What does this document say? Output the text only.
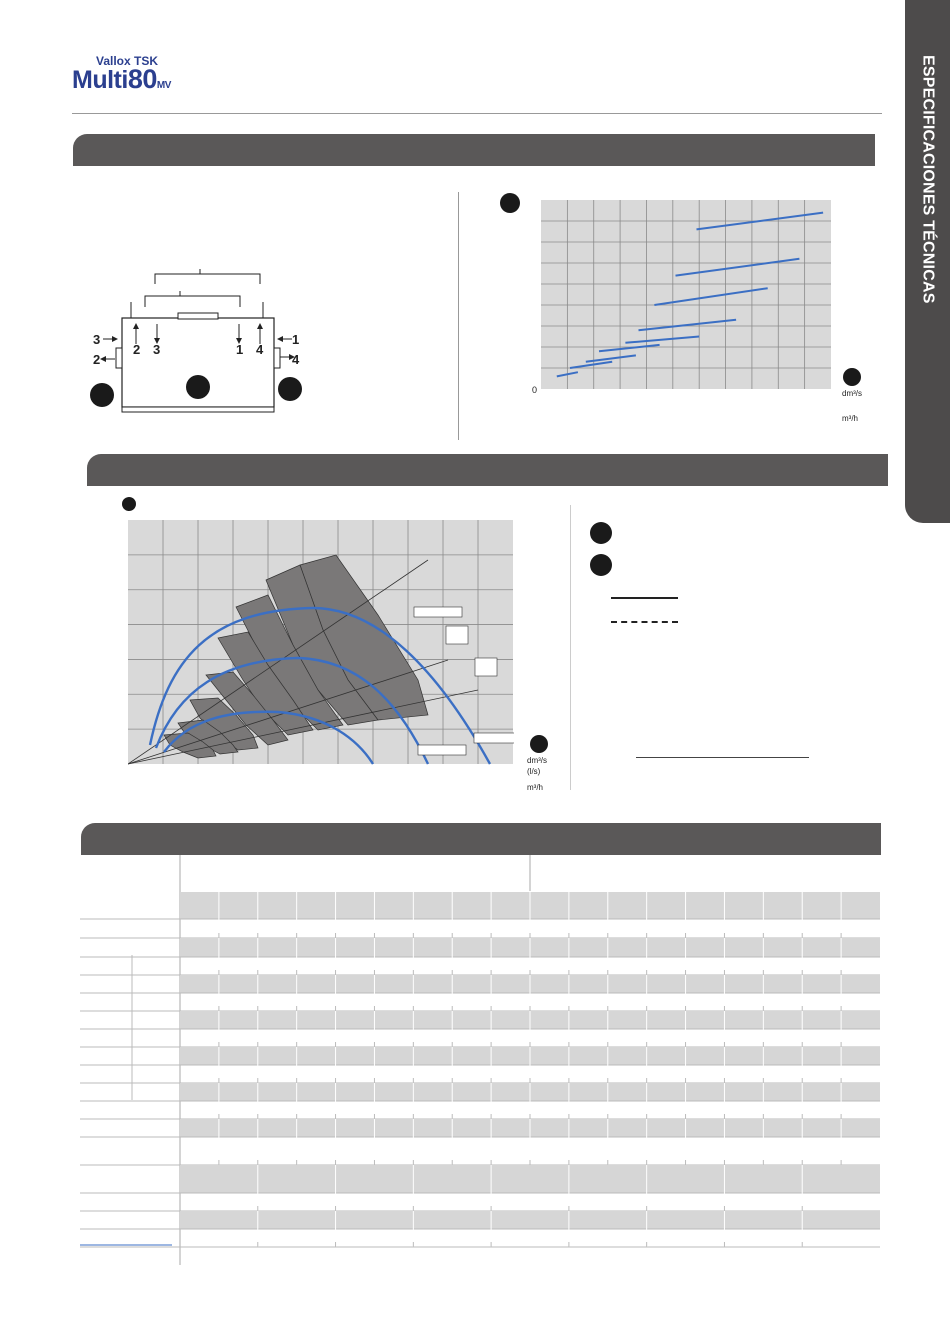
Vallox TSK
Multi80MV	ESPECIFICACIONES TÉCNICAS
3
2
2 3	1 4
1
4
0	dm³/s
m³/h
dm³/s
(l/s)
m³/h
